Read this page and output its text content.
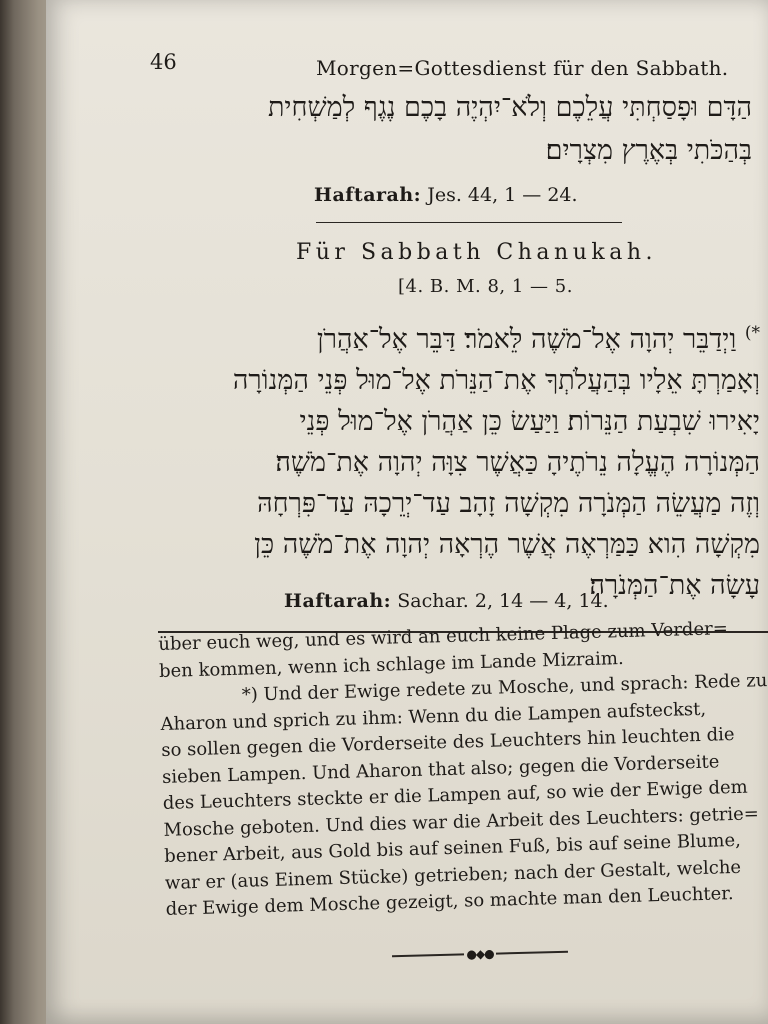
46	Morgen=Gottesdienst für den Sabbath.
הַדָּם וּפָסַחְתִּי עֲלֵכֶם וְלֹא־יִהְיֶה בָכֶם נֶגֶף לְמַשְׁחִית
בְּהַכֹּתִי בְּאֶרֶץ מִצְרָיִם׃
Haftarah: Jes. 44, 1 — 24.
Für Sabbath Chanukah.
[4. B. M. 8, 1 — 5.
*) וַיְדַבֵּר יְהוָה אֶל־מֹשֶׁה לֵּאמֹר׃ דַּבֵּר אֶל־אַהֲרֹן
וְאָמַרְתָּ אֵלָיו בְּהַעֲלֹתְךָ אֶת־הַנֵּרֹת אֶל־מוּל פְּנֵי הַמְּנוֹרָה
יָאִירוּ שִׁבְעַת הַנֵּרוֹת׃ וַיַּעַשׂ כֵּן אַהֲרֹן אֶל־מוּל פְּנֵי
הַמְּנוֹרָה הֶעֱלָה נֵרֹתֶיהָ כַּאֲשֶׁר צִוָּה יְהוָה אֶת־מֹשֶׁה׃
וְזֶה מַעֲשֵׂה הַמְּנֹרָה מִקְשָׁה זָהָב עַד־יְרֵכָהּ עַד־פִּרְחָהּ
מִקְשָׁה הִוא כַּמַּרְאֶה אֲשֶׁר הֶרְאָה יְהוָה אֶת־מֹשֶׁה כֵּן
עָשָׂה אֶת־הַמְּנֹרָה׃
Haftarah: Sachar. 2, 14 — 4, 14.
über euch weg, und es wird an euch keine Plage zum Verder=
ben kommen, wenn ich schlage im Lande Mizraim.
*) Und der Ewige redete zu Mosche, und sprach: Rede zu
Aharon und sprich zu ihm: Wenn du die Lampen aufsteckst,
so sollen gegen die Vorderseite des Leuchters hin leuchten die
sieben Lampen. Und Aharon that also; gegen die Vorderseite
des Leuchters steckte er die Lampen auf, so wie der Ewige dem
Mosche geboten. Und dies war die Arbeit des Leuchters: getrie=
bener Arbeit, aus Gold bis auf seinen Fuß, bis auf seine Blume,
war er (aus Einem Stücke) getrieben; nach der Gestalt, welche
der Ewige dem Mosche gezeigt, so machte man den Leuchter.
●◆●
